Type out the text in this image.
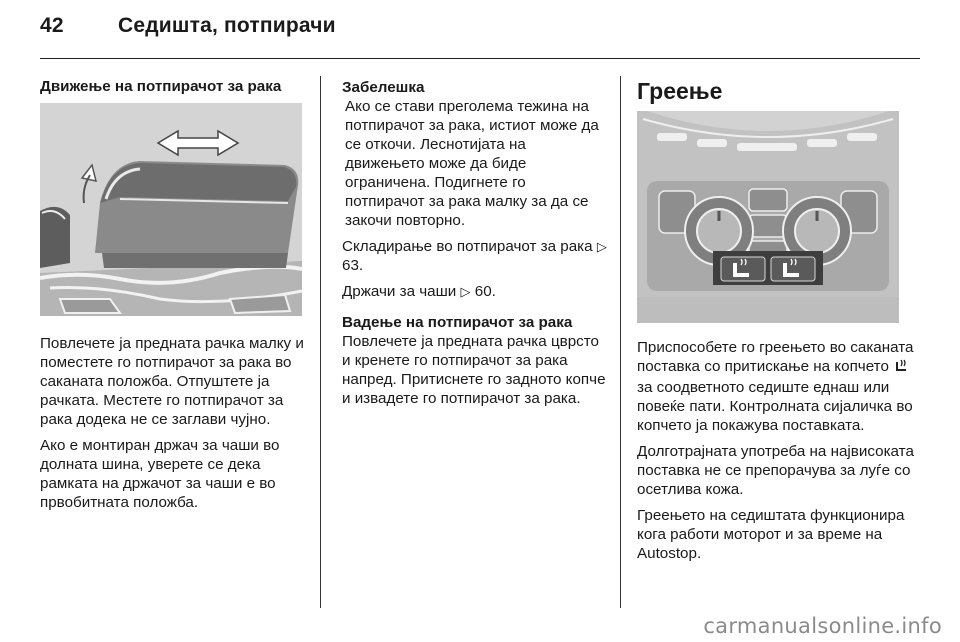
42	Седишта, потпирачи

Движење на потпирачот за рака

Повлечете ја предната рачка малку и поместете го потпирачот за рака во саканата положба. Отпуштете ја рачката. Местете го потпирачот за рака додека не се заглави чујно.

Ако е монтиран држач за чаши во долната шина, уверете се дека рамката на држачот за чаши е во првобитната положба.

Забелешка

Ако се стави преголема тежина на потпирачот за рака, истиот може да се откочи. Леснотијата на движењето може да биде ограничена. Подигнете го потпирачот за рака малку за да се закочи повторно.

Складирање во потпирачот за рака ▷ 63.

Држачи за чаши ▷ 60.

Вадење на потпирачот за рака

Повлечете ја предната рачка цврсто и кренете го потпирачот за рака напред. Притиснете го задното копче и извадете го потпирачот за рака.

Греење

Приспособете го греењето во саканата поставка со притискање на копчето  за соодветното седиште еднаш или повеќе пати. Контролната сијаличка во копчето ја покажува поставката.

Долготрајната употреба на највисоката поставка не се препорачува за луѓе со осетлива кожа.

Греењето на седиштата функционира кога работи моторот и за време на Autostop.

carmanualsonline.info
